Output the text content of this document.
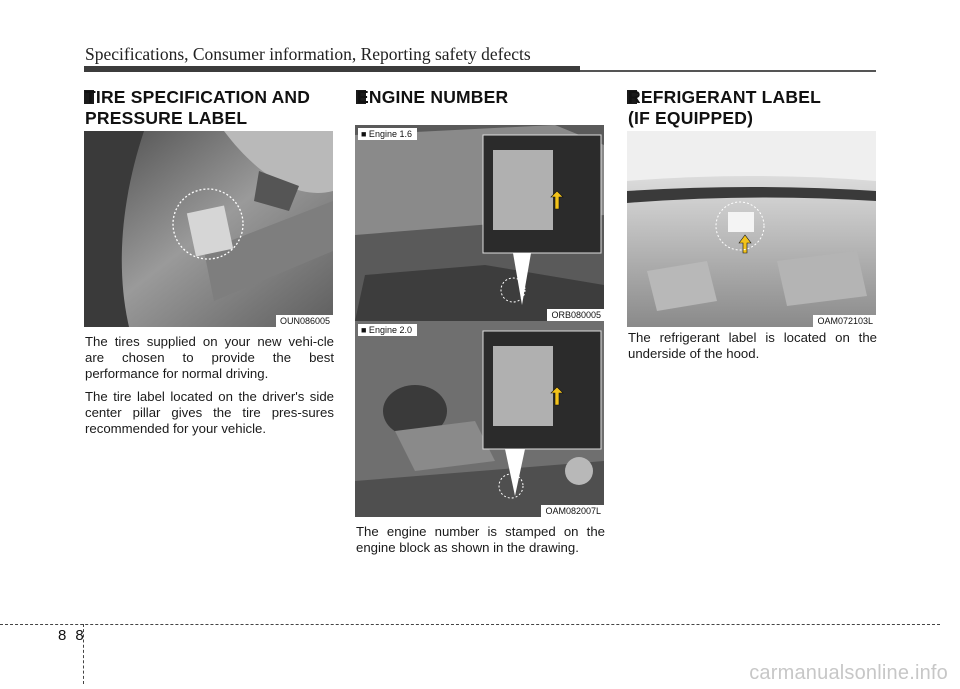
Specifications, Consumer information, Reporting safety defects
TIRE SPECIFICATION AND
PRESSURE LABEL
OUN086005

The tires supplied on your new vehi-cle are chosen to provide the best performance for normal driving.

The tire label located on the driver's side center pillar gives the tire pres-sures recommended for your vehicle.

ENGINE NUMBER
■ Engine 1.6
ORB080005
■ Engine 2.0
OAM082007L

The engine number is stamped on the engine block as shown in the drawing.

REFRIGERANT LABEL
(IF EQUIPPED)
OAM072103L

The refrigerant label is located on the underside of the hood.

88
carmanualsonline.info
